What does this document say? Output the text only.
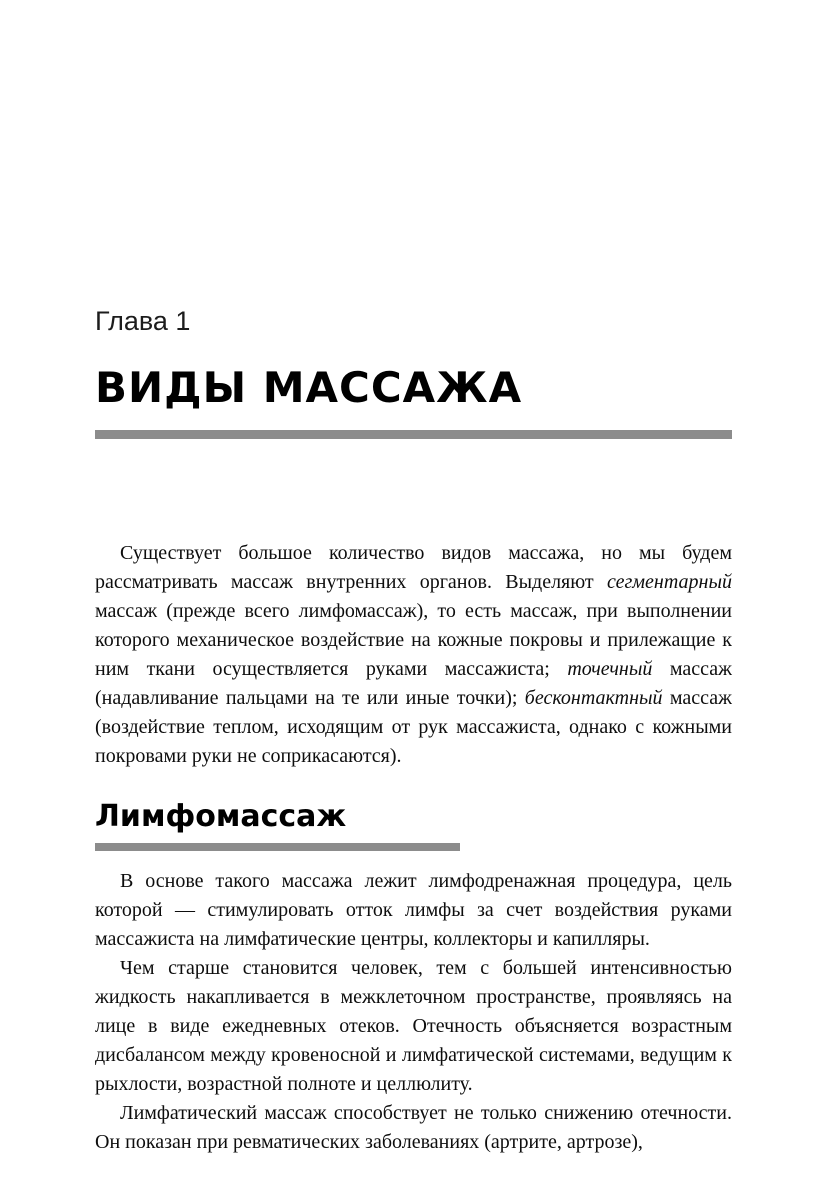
Глава 1
ВИДЫ МАССАЖА

Существует большое количество видов массажа, но мы будем рассматривать массаж внутренних органов. Выделяют сегментарный массаж (прежде всего лимфомассаж), то есть массаж, при выполнении которого механическое воздействие на кожные покровы и прилежащие к ним ткани осуществляется руками массажиста; точечный массаж (надавливание пальцами на те или иные точки); бесконтактный массаж (воздействие теплом, исходящим от рук массажиста, однако с кожными покровами руки не соприкасаются).

Лимфомассаж

В основе такого массажа лежит лимфодренажная процедура, цель которой — стимулировать отток лимфы за счет воздействия руками массажиста на лимфатические центры, коллекторы и капилляры.

Чем старше становится человек, тем с большей интенсивностью жидкость накапливается в межклеточном пространстве, проявляясь на лице в виде ежедневных отеков. Отечность объясняется возрастным дисбалансом между кровеносной и лимфатической системами, ведущим к рыхлости, возрастной полноте и целлюлиту.

Лимфатический массаж способствует не только снижению отечности. Он показан при ревматических заболеваниях (артрите, артрозе),
